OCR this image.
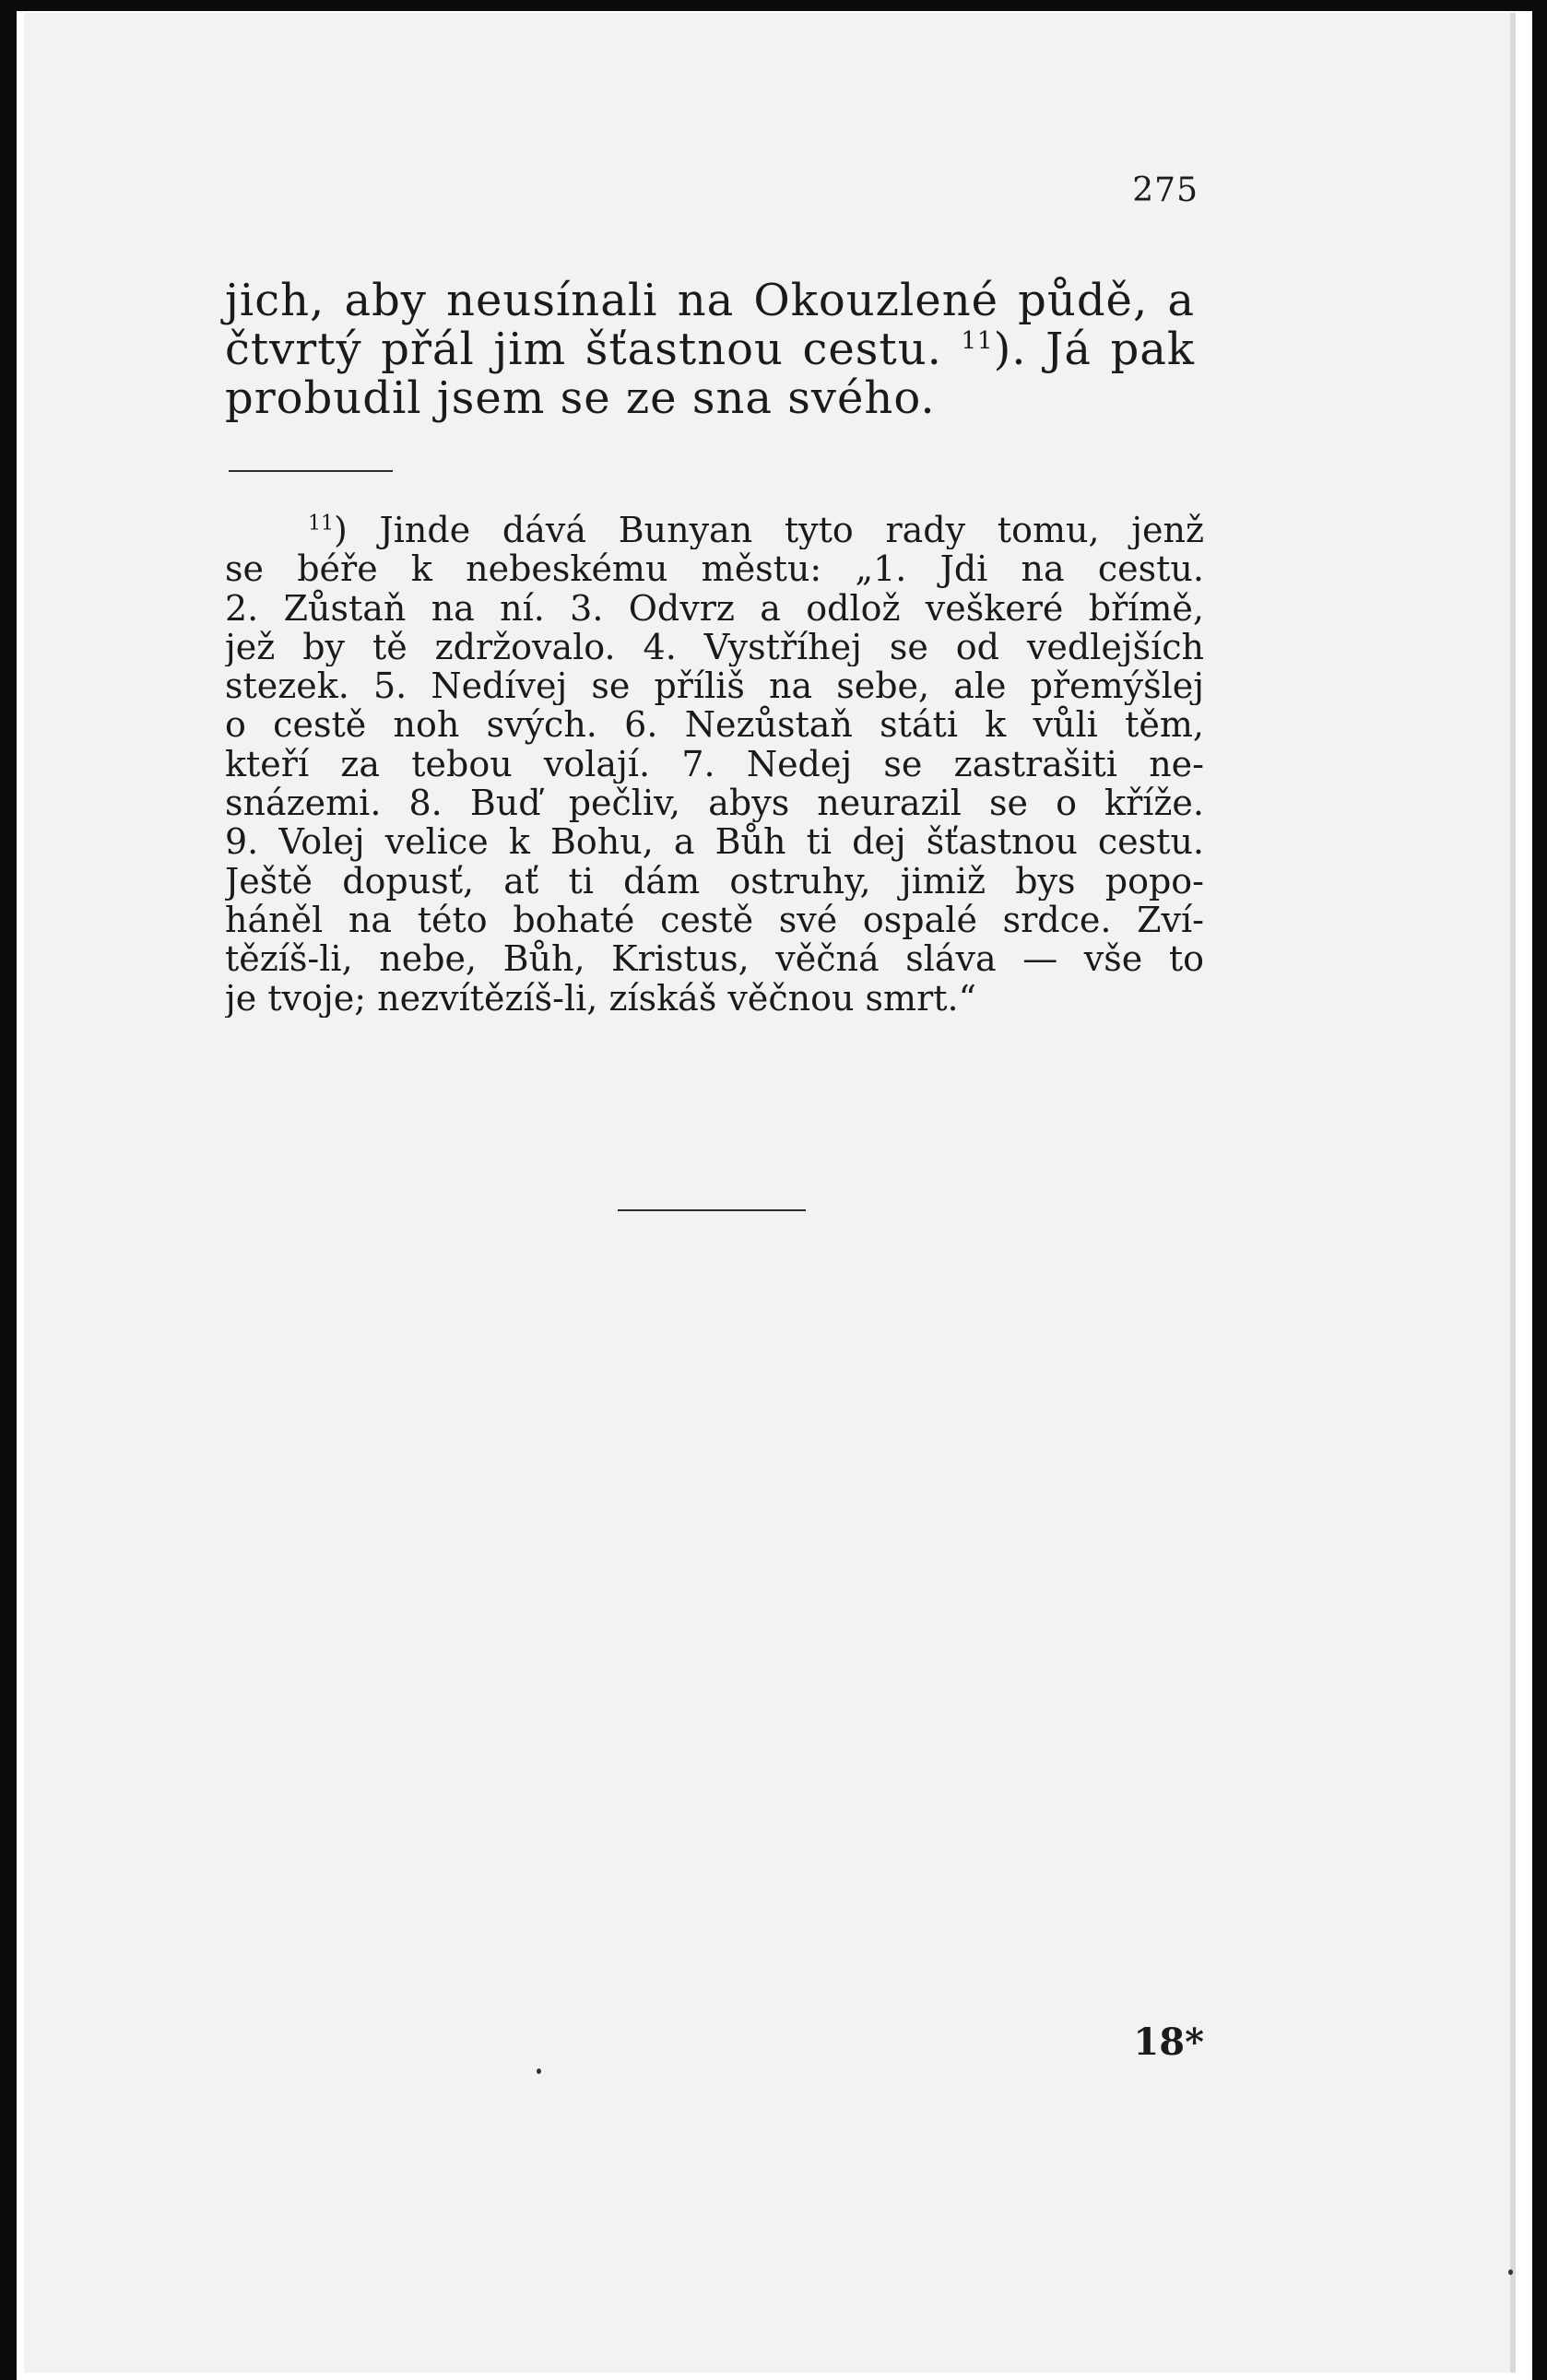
275
jich, aby neusínali na Okouzlené půdě, a
čtvrtý přál jim šťastnou cestu. $^{11}$). Já pak
probudil jsem se ze sna svého.
$^{11}$) Jinde dává Bunyan tyto rady tomu, jenž
se béře k nebeskému městu: „1. Jdi na cestu.
2. Zůstaň na ní. 3. Odvrz a odlož veškeré břímě,
jež by tě zdržovalo. 4. Vystříhej se od vedlejších
stezek. 5. Nedívej se příliš na sebe, ale přemýšlej
o cestě noh svých. 6. Nezůstaň státi k vůli těm,
kteří za tebou volají. 7. Nedej se zastrašiti ne-
snázemi. 8. Buď pečliv, abys neurazil se o kříže.
9. Volej velice k Bohu, a Bůh ti dej šťastnou cestu.
Ještě dopusť, ať ti dám ostruhy, jimiž bys popo-
háněl na této bohaté cestě své ospalé srdce. Zví-
tězíš-li, nebe, Bůh, Kristus, věčná sláva — vše to
je tvoje; nezvítězíš-li, získáš věčnou smrt.“
18*
